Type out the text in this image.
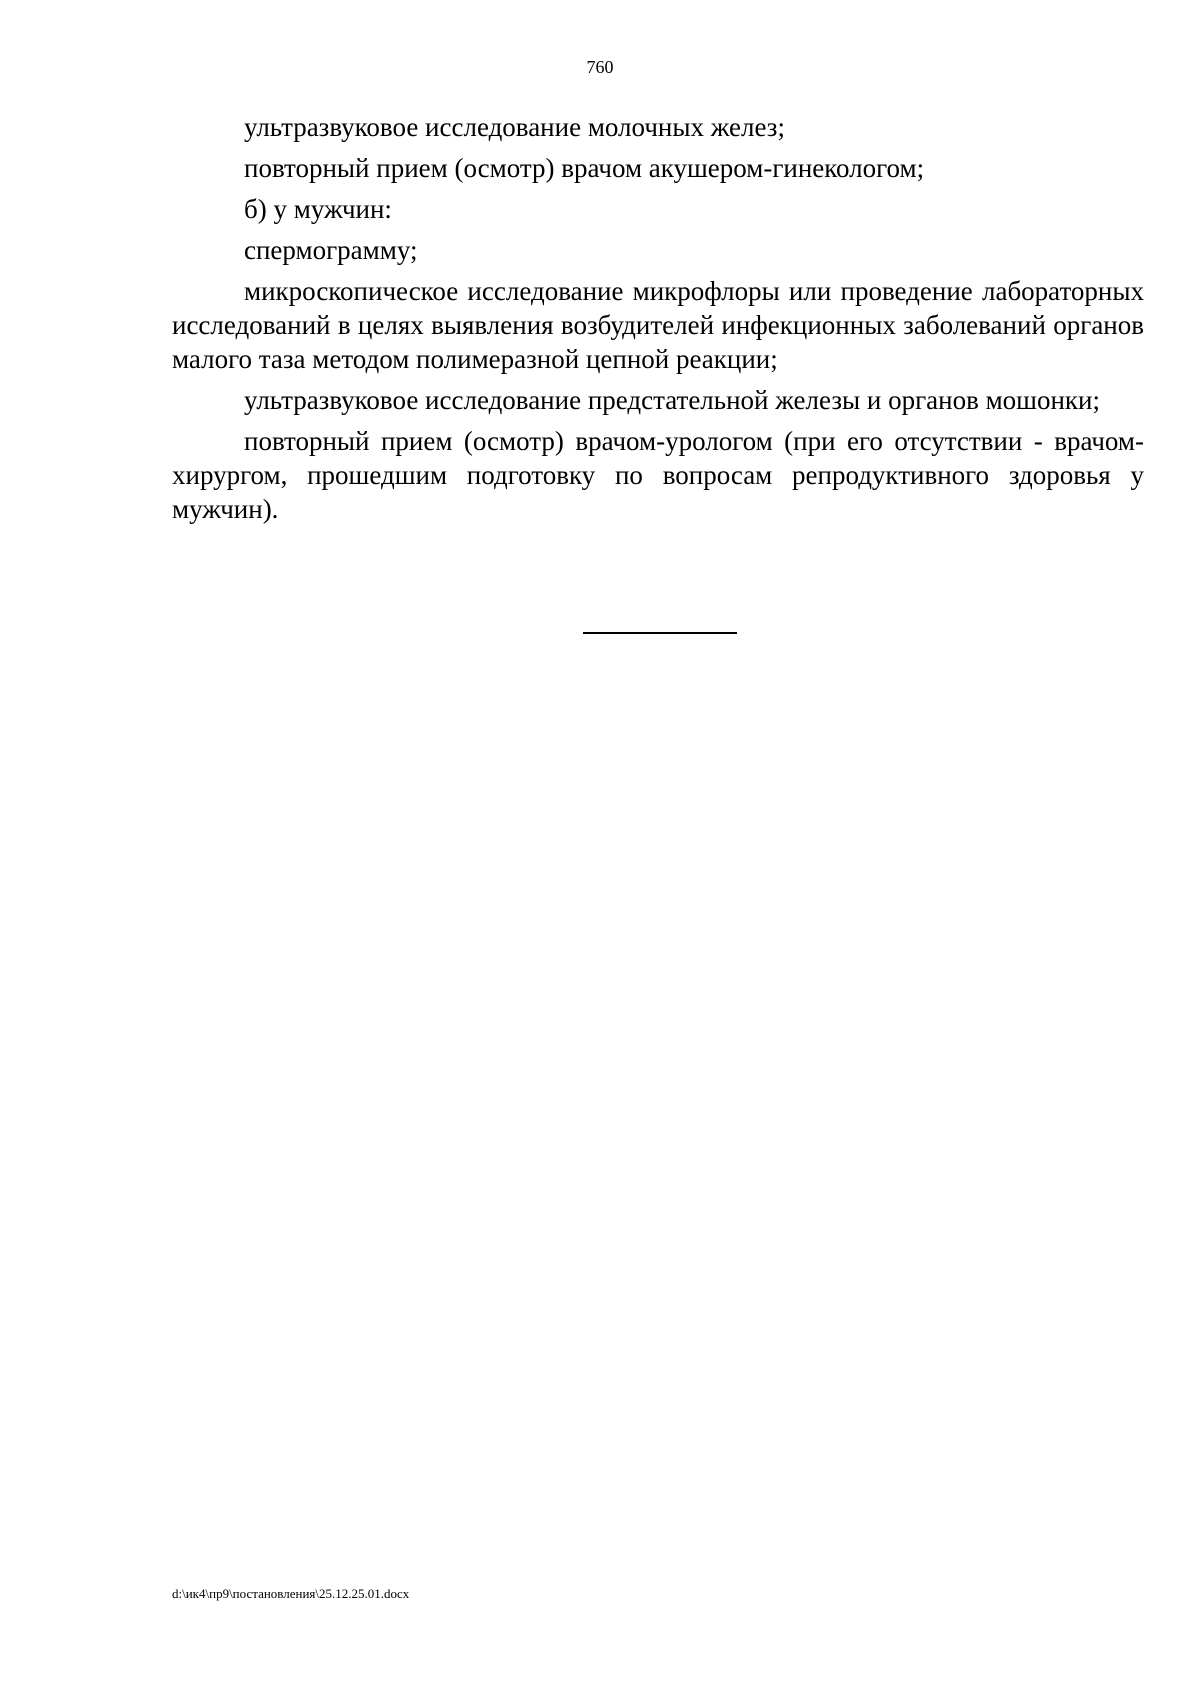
760

ультразвуковое исследование молочных желез;

повторный прием (осмотр) врачом акушером-гинекологом;

б) у мужчин:

спермограмму;

микроскопическое исследование микрофлоры или проведение лабораторных исследований в целях выявления возбудителей инфекционных заболеваний органов малого таза методом полимеразной цепной реакции;

ультразвуковое исследование предстательной железы и органов мошонки;

повторный прием (осмотр) врачом-урологом (при его отсутствии - врачом-хирургом, прошедшим подготовку по вопросам репродуктивного здоровья у мужчин).

d:\ик4\пр9\постановления\25.12.25.01.docx
